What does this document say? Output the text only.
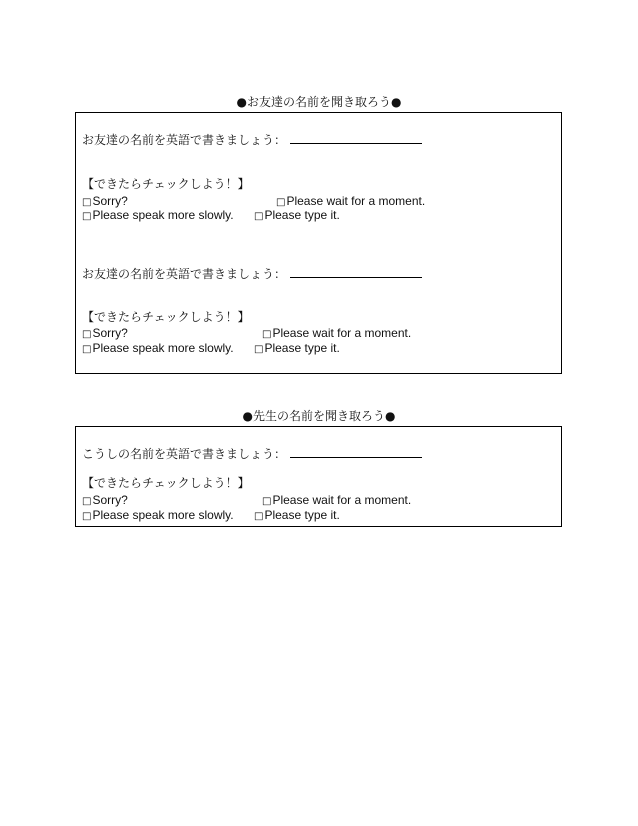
●お友達の名前を聞き取ろう●
お友達の名前を英語で書きましょう：
【できたらチェックしよう！】
□Sorry?	□Please wait for a moment.
□Please speak more slowly. □Please type it.
お友達の名前を英語で書きましょう：
【できたらチェックしよう！】
□Sorry?	□Please wait for a moment.
□Please speak more slowly. □Please type it.
●先生の名前を聞き取ろう●
こうしの名前を英語で書きましょう：
【できたらチェックしよう！】
□Sorry?	□Please wait for a moment.
□Please speak more slowly. □Please type it.
